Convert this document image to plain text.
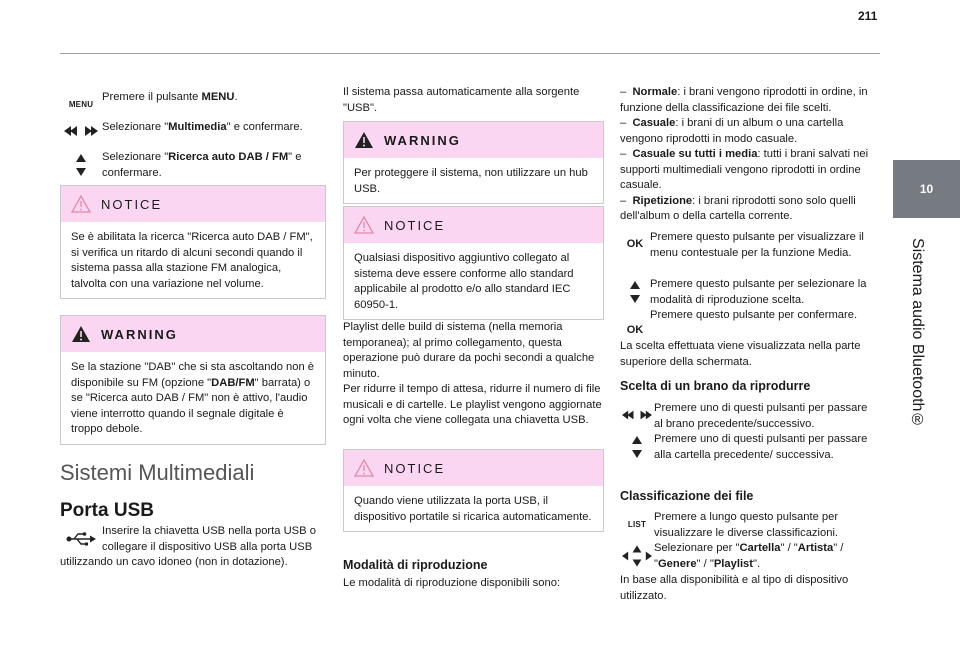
211
10
Sistema audio Bluetooth®
MENU
Premere il pulsante MENU.
Selezionare "Multimedia" e confermare.
Selezionare "Ricerca auto DAB / FM" e confermare.
NOTICE
Se è abilitata la ricerca "Ricerca auto DAB / FM", si verifica un ritardo di alcuni secondi quando il sistema passa alla stazione FM analogica, talvolta con una variazione nel volume.
WARNING
Se la stazione "DAB" che si sta ascoltando non è disponibile su FM (opzione "DAB/FM" barrata) o se "Ricerca auto DAB / FM" non è attivo, l'audio viene interrotto quando il segnale digitale è troppo debole.
Sistemi Multimediali
Porta USB
Inserire la chiavetta USB nella porta USB o collegare il dispositivo USB alla porta USB utilizzando un cavo idoneo (non in dotazione).
Il sistema passa automaticamente alla sorgente "USB".
WARNING
Per proteggere il sistema, non utilizzare un hub USB.
NOTICE
Qualsiasi dispositivo aggiuntivo collegato al sistema deve essere conforme allo standard applicabile al prodotto e/o allo standard IEC 60950-1.
Playlist delle build di sistema (nella memoria temporanea); al primo collegamento, questa operazione può durare da pochi secondi a qualche minuto.
Per ridurre il tempo di attesa, ridurre il numero di file musicali e di cartelle. Le playlist vengono aggiornate ogni volta che viene collegata una chiavetta USB.
NOTICE
Quando viene utilizzata la porta USB, il dispositivo portatile si ricarica automaticamente.
Modalità di riproduzione
Le modalità di riproduzione disponibili sono:
–  Normale: i brani vengono riprodotti in ordine, in funzione della classificazione dei file scelti.
–  Casuale: i brani di un album o una cartella vengono riprodotti in modo casuale.
–  Casuale su tutti i media: tutti i brani salvati nei supporti multimediali vengono riprodotti in ordine casuale.
–  Ripetizione: i brani riprodotti sono solo quelli dell'album o della cartella corrente.
OK
Premere questo pulsante per visualizzare il menu contestuale per la funzione Media.
Premere questo pulsante per selezionare la modalità di riproduzione scelta.
OK
Premere questo pulsante per confermare.
La scelta effettuata viene visualizzata nella parte superiore della schermata.
Scelta di un brano da riprodurre
Premere uno di questi pulsanti per passare al brano precedente/successivo.
Premere uno di questi pulsanti per passare alla cartella precedente/ successiva.
Classificazione dei file
LIST
Premere a lungo questo pulsante per visualizzare le diverse classificazioni.
Selezionare per "Cartella" / "Artista" / "Genere" / "Playlist".
In base alla disponibilità e al tipo di dispositivo utilizzato.
